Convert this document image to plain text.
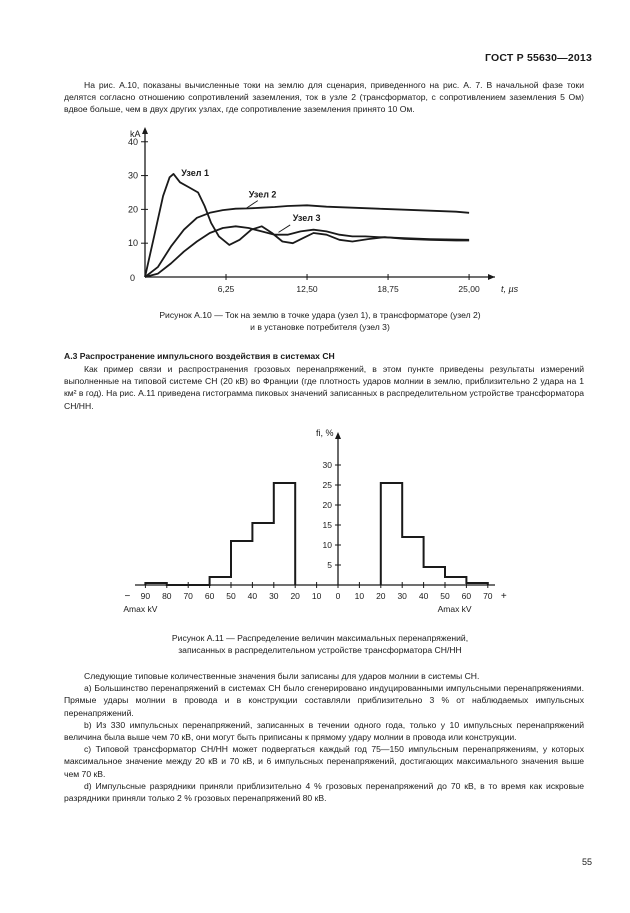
ГОСТ Р 55630—2013

На рис. А.10, показаны вычисленные токи на землю для сценария, приведенного на рис. А. 7. В начальной фазе токи делятся согласно отношению сопротивлений заземления, ток в узле 2 (трансформатор, с сопротивлением заземления 5 Ом) вдвое больше, чем в двух других узлах, где сопротивление заземления принято 10 Ом.

10
20
30
40
kA
0
6,25	12,50	18,75	25,00 t, µs
Узел 1
Узел 2
Узел 3
Рисунок А.10 — Ток на землю в точке удара (узел 1), в трансформаторе (узел 2)
и в установке потребителя (узел 3)
А.3 Распространение импульсного воздействия в системах СН

Как пример связи и распространения грозовых перенапряжений, в этом пункте приведены результаты измерений выполненные на типовой системе СН (20 кВ) во Франции (где плотность ударов молнии в землю, приблизительно 2 удара на 1 км² в год). На рис. А.11 приведена гистограмма пиковых значений записанных в распределительном устройстве трансформатора СН/НН.

fi, %
5
10
15
20
25
30
90 80 70 60 50 40 30 20 10 0 10 20 30 40 50 60 70
−	+
Amax kV	Amax kV
Рисунок А.11 — Распределение величин максимальных перенапряжений,
записанных в распределительном устройстве трансформатора СН/НН

Следующие типовые количественные значения были записаны для ударов молнии в системы СН.

а) Большинство перенапряжений в системах СН было сгенерировано индуцированными импульсными перенапряжениями. Прямые удары молнии в провода и в конструкции составляли приблизительно 3 % от наблюдаемых импульсных перенапряжений.

b) Из 330 импульсных перенапряжений, записанных в течении одного года, только у 10 импульсных перенапряжений величина была выше чем 70 кВ, они могут быть приписаны к прямому удару молнии в провода или конструкции.

c) Типовой трансформатор СН/НН может подвергаться каждый год 75—150 импульсным перенапряжениям, у которых максимальное значение между 20 кВ и 70 кВ, и 6 импульсных перенапряжений, достигающих максимального значения выше чем 70 кВ.

d) Импульсные разрядники приняли приблизительно 4 % грозовых перенапряжений до 70 кВ, в то время как искровые разрядники приняли только 2 % грозовых перенапряжений 80 кВ.

55
